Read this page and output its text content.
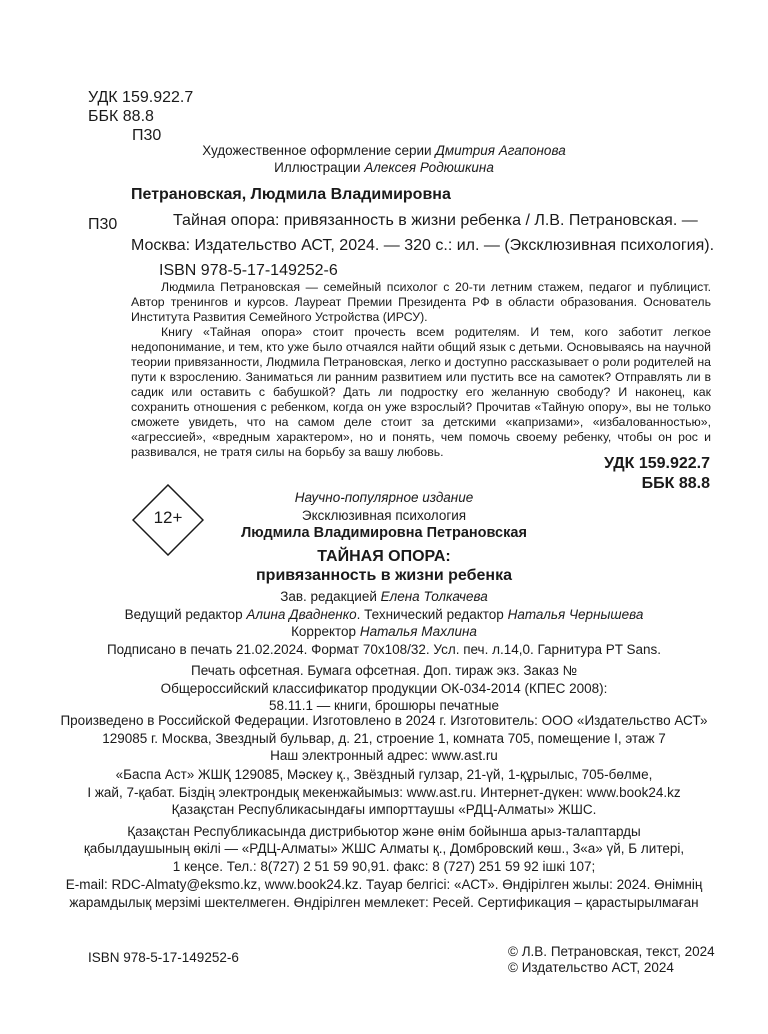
УДК 159.922.7
ББК 88.8
П30
Художественное оформление серии Дмитрия Агапонова
Иллюстрации Алексея Родюшкина
Петрановская, Людмила Владимировна
П30	Тайная опора: привязанность в жизни ребенка / Л.В. Петрановская. —
Москва: Издательство АСТ, 2024. — 320 с.: ил. — (Эксклюзивная психология).
ISBN 978-5-17-149252-6

Людмила Петрановская — семейный психолог с 20-ти летним стажем, педагог и публицист. Автор тренингов и курсов. Лауреат Премии Президента РФ в области образования. Основатель Института Развития Семейного Устройства (ИРСУ).

Книгу «Тайная опора» стоит прочесть всем родителям. И тем, кого заботит легкое недопонимание, и тем, кто уже было отчаялся найти общий язык с детьми. Основываясь на научной теории привязанности, Людмила Петрановская, легко и доступно рассказывает о роли родителей на пути к взрослению. Заниматься ли ранним развитием или пустить все на самотек? Отправлять ли в садик или оставить с бабушкой? Дать ли подростку его желанную свободу? И наконец, как сохранить отношения с ребенком, когда он уже взрослый? Прочитав «Тайную опору», вы не только сможете увидеть, что на самом деле стоит за детскими «капризами», «избалованностью», «агрессией», «вредным характером», но и понять, чем помочь своему ребенку, чтобы он рос и развивался, не тратя силы на борьбу за вашу любовь.

УДК 159.922.7
ББК 88.8
12+
Научно-популярное издание
Эксклюзивная психология
Людмила Владимировна Петрановская
ТАЙНАЯ ОПОРА:
привязанность в жизни ребенка
Зав. редакцией Елена Толкачева
Ведущий редактор Алина Двадненко. Технический редактор Наталья Чернышева
Корректор Наталья Махлина
Подписано в печать 21.02.2024. Формат 70x108/32. Усл. печ. л.14,0. Гарнитура PT Sans.
Печать офсетная. Бумага офсетная. Доп. тираж экз. Заказ №
Общероссийский классификатор продукции ОК-034-2014 (КПЕС 2008):
58.11.1 — книги, брошюры печатные
Произведено в Российской Федерации. Изготовлено в 2024 г. Изготовитель: ООО «Издательство АСТ»
129085 г. Москва, Звездный бульвар, д. 21, строение 1, комната 705, помещение I, этаж 7
Наш электронный адрес: www.ast.ru
«Баспа Аст» ЖШҚ 129085, Мәскеу қ., Звёздный гулзар, 21-үй, 1-құрылыс, 705-бөлме,
I жай, 7-қабат. Біздің электрондық мекенжайымыз: www.ast.ru. Интернет-дүкен: www.book24.kz
Қазақстан Республикасындағы импорттаушы «РДЦ-Алматы» ЖШС.
Қазақстан Республикасында дистрибьютор және өнім бойынша арыз-талаптарды
қабылдаушының өкілі — «РДЦ-Алматы» ЖШС Алматы қ., Домбровский көш., 3«а» үй, Б литері,
1 кеңсе. Тел.: 8(727) 2 51 59 90,91. факс: 8 (727) 251 59 92 ішкі 107;
E-mail: RDC-Almaty@eksmo.kz, www.book24.kz. Тауар белгісі: «АСТ». Өндірілген жылы: 2024. Өнімнің
жарамдылық мерзімі шектелмеген. Өндірілген мемлекет: Ресей. Сертификация – қарастырылмаған
ISBN 978-5-17-149252-6	© Л.В. Петрановская, текст, 2024
© Издательство АСТ, 2024
